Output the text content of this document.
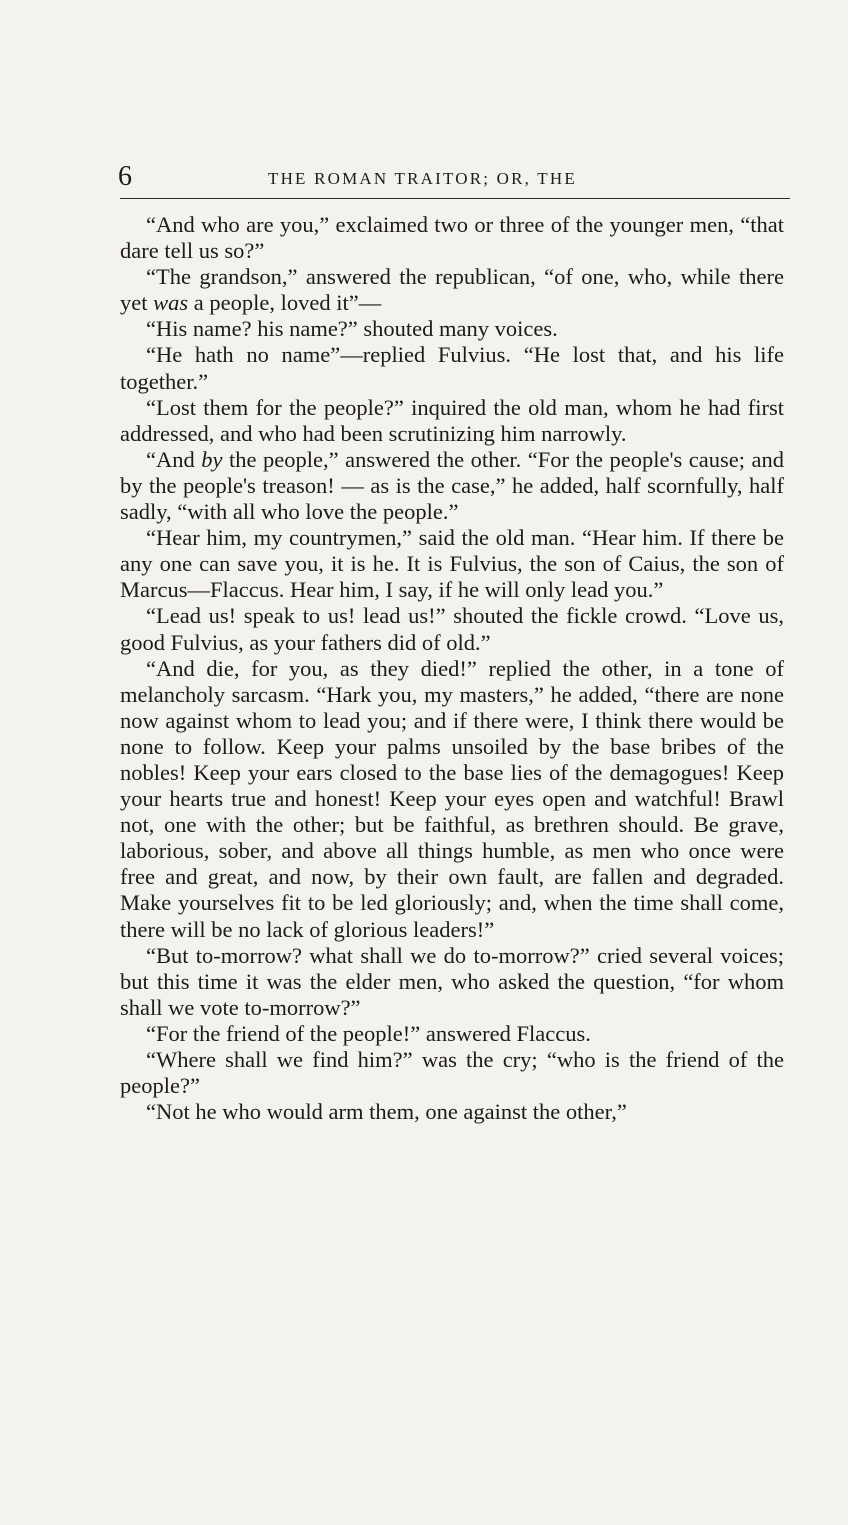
6	THE ROMAN TRAITOR; OR, THE

“And who are you,” exclaimed two or three of the younger men, “that dare tell us so?”

“The grandson,” answered the republican, “of one, who, while there yet was a people, loved it”—

“His name? his name?” shouted many voices.

“He hath no name”—replied Fulvius. “He lost that, and his life together.”

“Lost them for the people?” inquired the old man, whom he had first addressed, and who had been scrutinizing him narrowly.

“And by the people,” answered the other. “For the people's cause; and by the people's treason! — as is the case,” he added, half scornfully, half sadly, “with all who love the people.”

“Hear him, my countrymen,” said the old man. “Hear him. If there be any one can save you, it is he. It is Fulvius, the son of Caius, the son of Marcus—Flaccus. Hear him, I say, if he will only lead you.”

“Lead us! speak to us! lead us!” shouted the fickle crowd. “Love us, good Fulvius, as your fathers did of old.”

“And die, for you, as they died!” replied the other, in a tone of melancholy sarcasm. “Hark you, my masters,” he added, “there are none now against whom to lead you; and if there were, I think there would be none to follow. Keep your palms unsoiled by the base bribes of the nobles! Keep your ears closed to the base lies of the demagogues! Keep your hearts true and honest! Keep your eyes open and watchful! Brawl not, one with the other; but be faithful, as brethren should. Be grave, laborious, sober, and above all things humble, as men who once were free and great, and now, by their own fault, are fallen and degraded. Make yourselves fit to be led gloriously; and, when the time shall come, there will be no lack of glorious leaders!”

“But to-morrow? what shall we do to-morrow?” cried several voices; but this time it was the elder men, who asked the question, “for whom shall we vote to-morrow?”

“For the friend of the people!” answered Flaccus.

“Where shall we find him?” was the cry; “who is the friend of the people?”

“Not he who would arm them, one against the other,”
